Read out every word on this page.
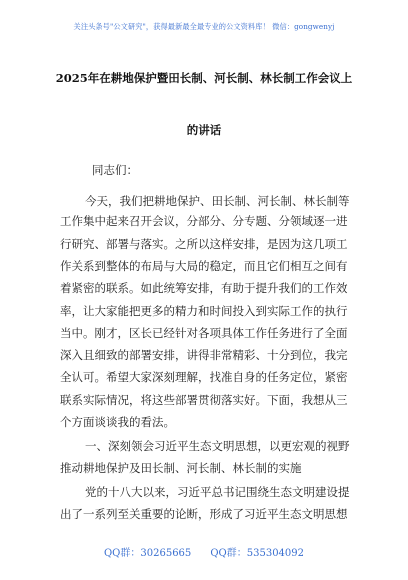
关注头条号"公文研究"，获得最新最全最专业的公文资料库！ 微信：gongwenyj
2025年在耕地保护暨田长制、河长制、林长制工作会议上
的讲话
同志们：
今天，我们把耕地保护、田长制、河长制、林长制等
工作集中起来召开会议，分部分、分专题、分领域逐一进
行研究、部署与落实。之所以这样安排，是因为这几项工
作关系到整体的布局与大局的稳定，而且它们相互之间有
着紧密的联系。如此统筹安排，有助于提升我们的工作效
率，让大家能把更多的精力和时间投入到实际工作的执行
当中。刚才，区长已经针对各项具体工作任务进行了全面
深入且细致的部署安排，讲得非常精彩、十分到位，我完
全认可。希望大家深刻理解，找准自身的任务定位，紧密
联系实际情况，将这些部署贯彻落实好。下面，我想从三
个方面谈谈我的看法。
一、深刻领会习近平生态文明思想，以更宏观的视野
推动耕地保护及田长制、河长制、林长制的实施
党的十八大以来，习近平总书记围绕生态文明建设提
出了一系列至关重要的论断，形成了习近平生态文明思想
QQ群：30265665      QQ群：535304092
